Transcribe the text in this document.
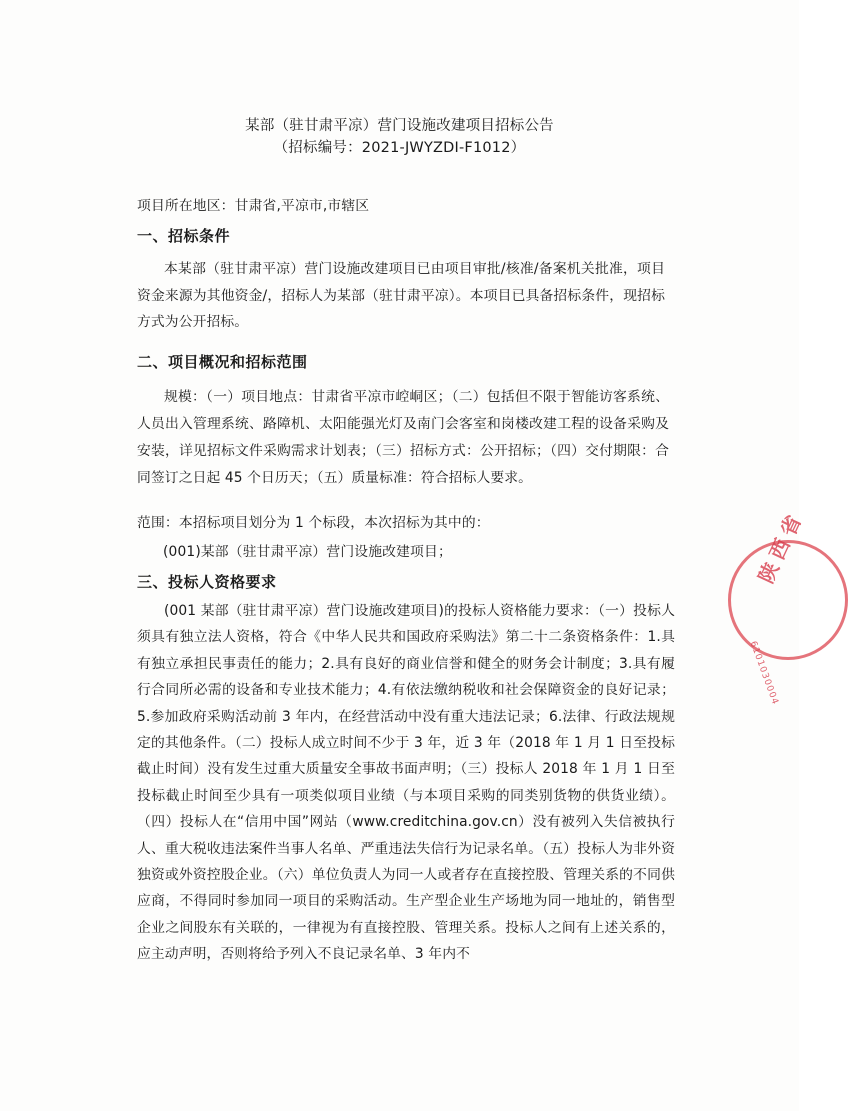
某部（驻甘肃平凉）营门设施改建项目招标公告
（招标编号：2021-JWYZDI-F1012）
项目所在地区：甘肃省,平凉市,市辖区
一、招标条件
本某部（驻甘肃平凉）营门设施改建项目已由项目审批/核准/备案机关批准，项目资金来源为其他资金/，招标人为某部（驻甘肃平凉）。本项目已具备招标条件，现招标方式为公开招标。
二、项目概况和招标范围
规模：（一）项目地点：甘肃省平凉市崆峒区；（二）包括但不限于智能访客系统、人员出入管理系统、路障机、太阳能强光灯及南门会客室和岗楼改建工程的设备采购及安装，详见招标文件采购需求计划表；（三）招标方式：公开招标；（四）交付期限：合同签订之日起 45 个日历天；（五）质量标准：符合招标人要求。
范围：本招标项目划分为 1 个标段，本次招标为其中的：
(001)某部（驻甘肃平凉）营门设施改建项目；
三、投标人资格要求
(001 某部（驻甘肃平凉）营门设施改建项目)的投标人资格能力要求：（一）投标人须具有独立法人资格，符合《中华人民共和国政府采购法》第二十二条资格条件：1.具有独立承担民事责任的能力；2.具有良好的商业信誉和健全的财务会计制度；3.具有履行合同所必需的设备和专业技术能力；4.有依法缴纳税收和社会保障资金的良好记录；5.参加政府采购活动前 3 年内，在经营活动中没有重大违法记录；6.法律、行政法规规定的其他条件。（二）投标人成立时间不少于 3 年，近 3 年（2018 年 1 月 1 日至投标截止时间）没有发生过重大质量安全事故书面声明；（三）投标人 2018 年 1 月 1 日至投标截止时间至少具有一项类似项目业绩（与本项目采购的同类别货物的供货业绩）。（四）投标人在“信用中国”网站（www.creditchina.gov.cn）没有被列入失信被执行人、重大税收违法案件当事人名单、严重违法失信行为记录名单。（五）投标人为非外资独资或外资控股企业。（六）单位负责人为同一人或者存在直接控股、管理关系的不同供应商，不得同时参加同一项目的采购活动。生产型企业生产场地为同一地址的，销售型企业之间股东有关联的，一律视为有直接控股、管理关系。投标人之间有上述关系的，应主动声明，否则将给予列入不良记录名单、3 年内不
陕西省
6101030004
